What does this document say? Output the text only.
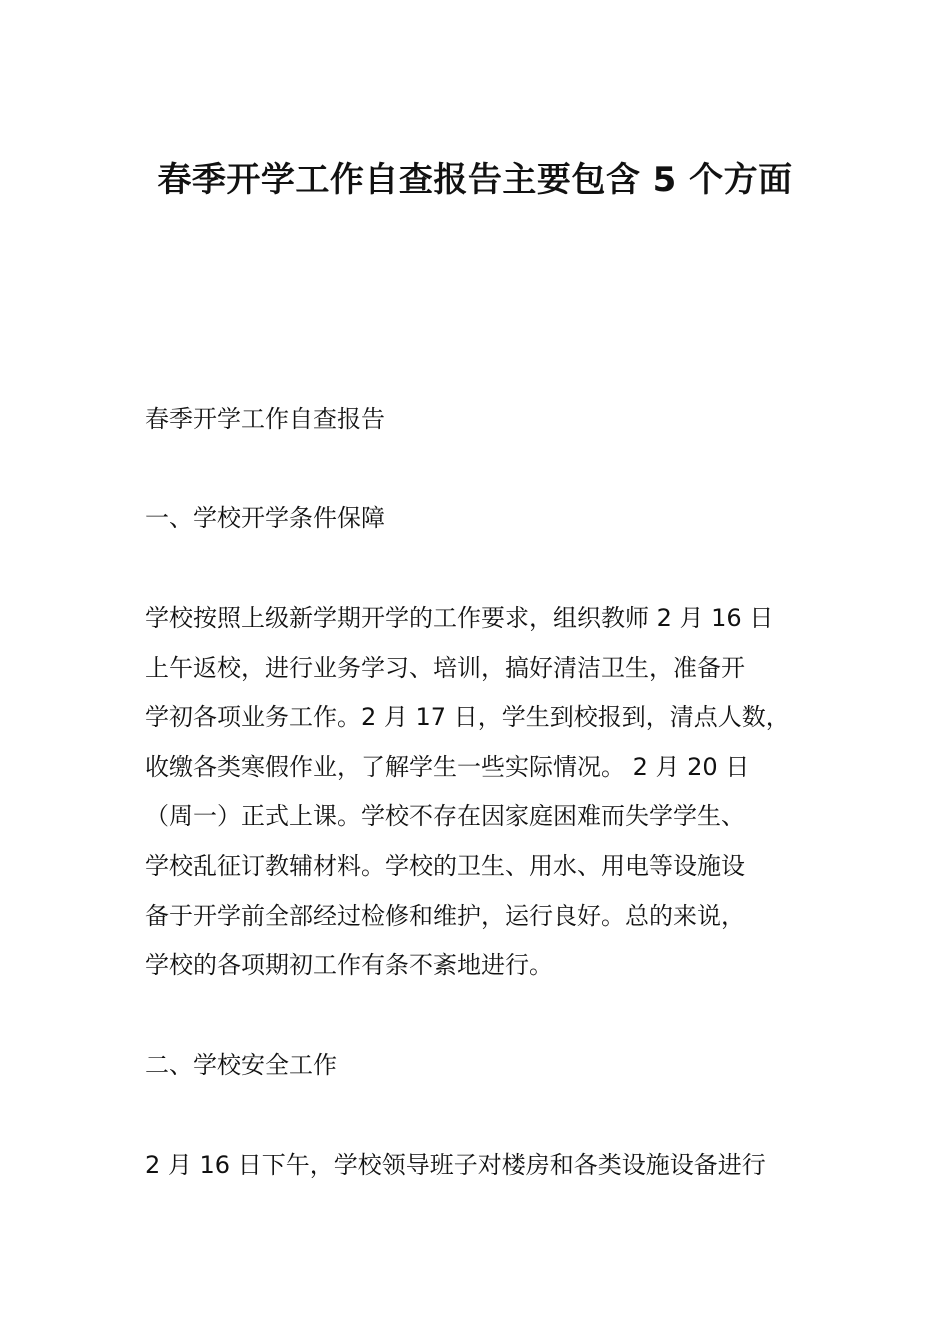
春季开学工作自查报告主要包含 5 个方面

春季开学工作自查报告

一、学校开学条件保障

学校按照上级新学期开学的工作要求，组织教师 2 月 16 日
上午返校，进行业务学习、培训，搞好清洁卫生，准备开
学初各项业务工作。2 月 17 日，学生到校报到，清点人数，
收缴各类寒假作业，了解学生一些实际情况。 2 月 20 日
（周一）正式上课。学校不存在因家庭困难而失学学生、
学校乱征订教辅材料。学校的卫生、用水、用电等设施设
备于开学前全部经过检修和维护，运行良好。总的来说，
学校的各项期初工作有条不紊地进行。

二、学校安全工作

2 月 16 日下午，学校领导班子对楼房和各类设施设备进行
